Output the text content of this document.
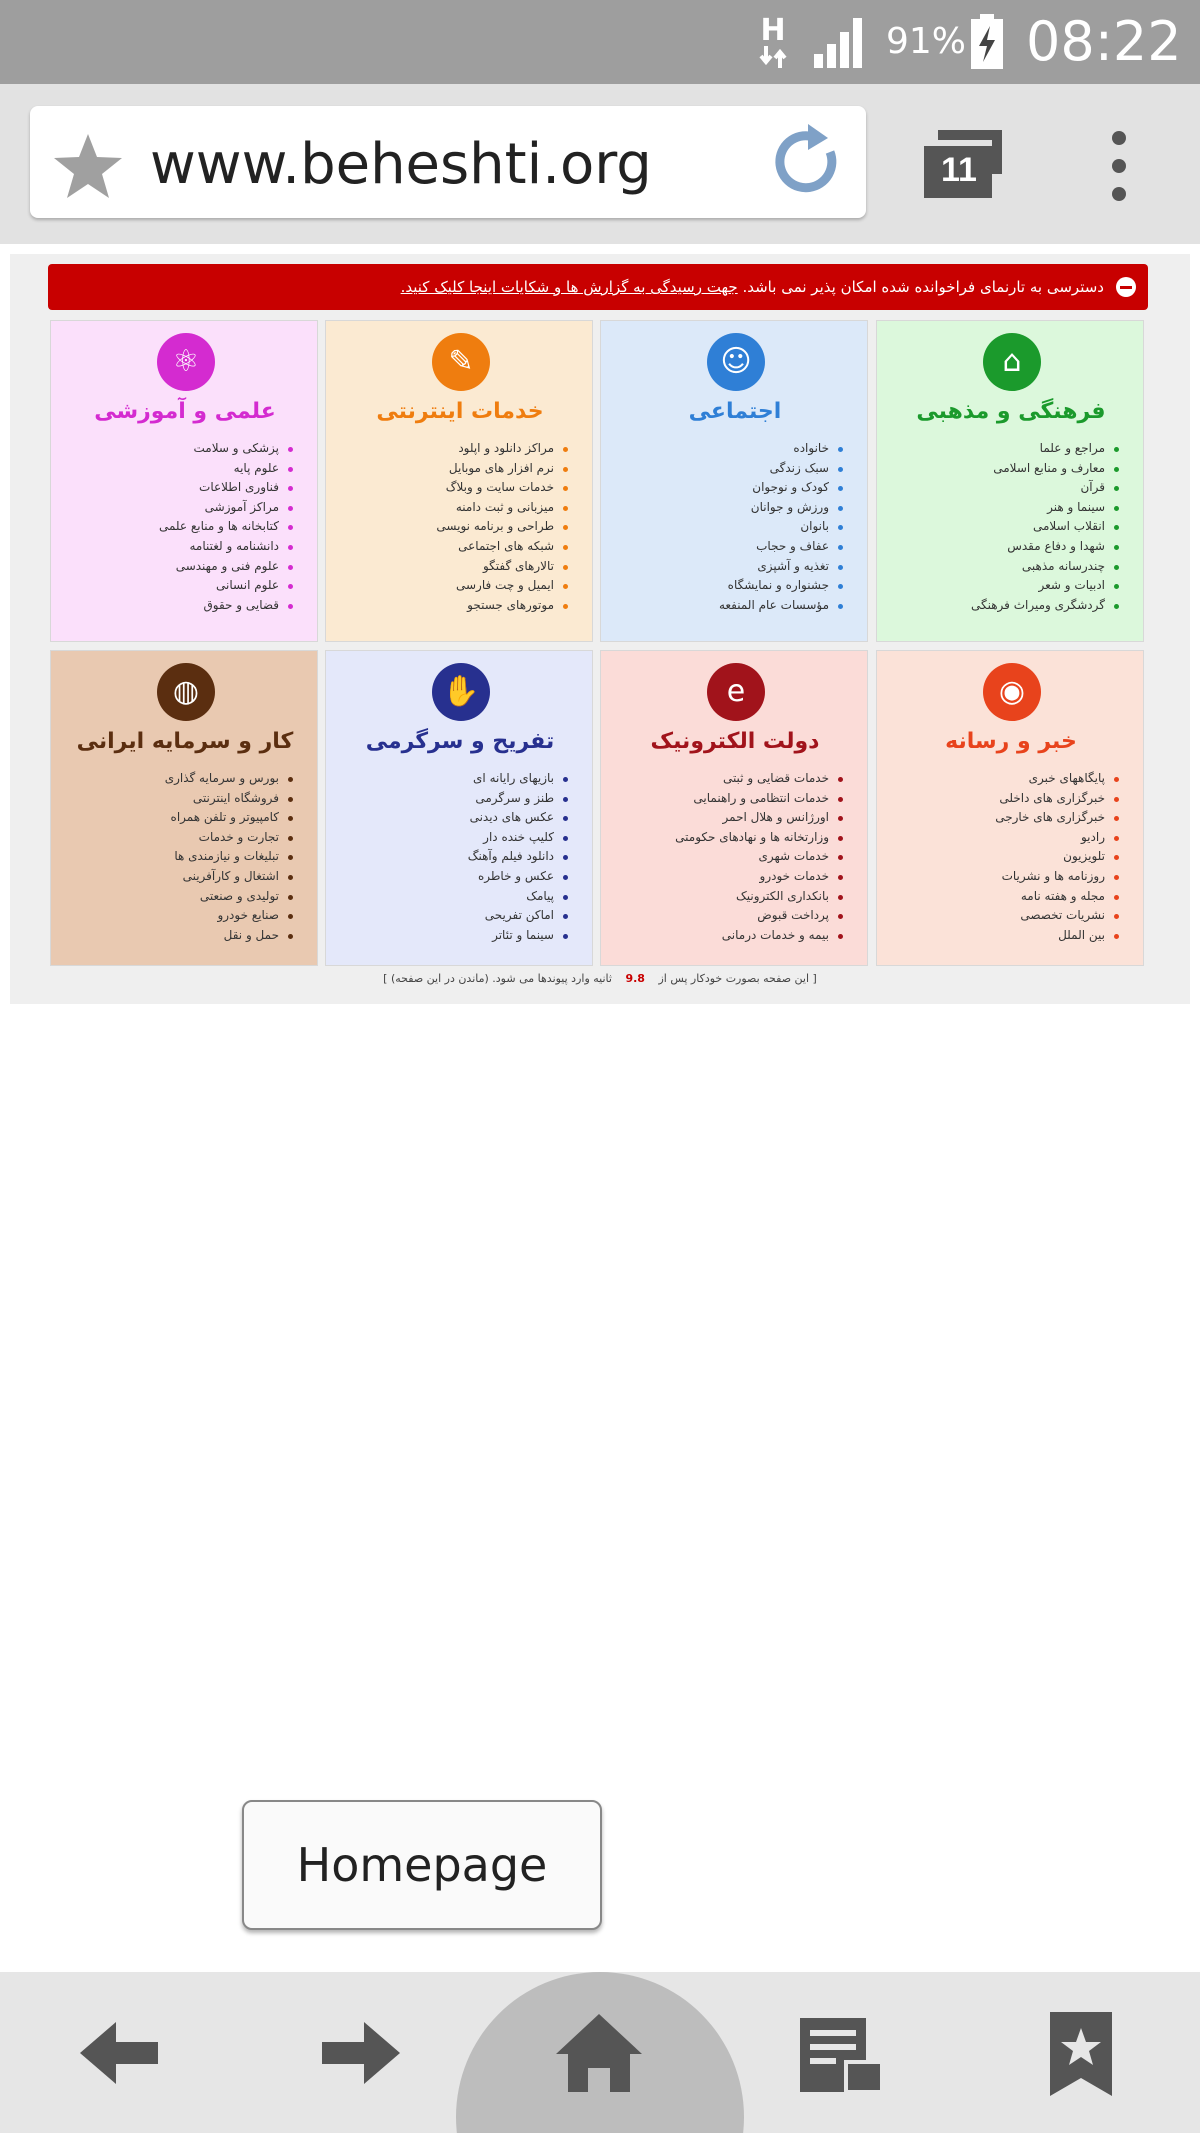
H	91% 08:22
www.beheshti.org	11
دسترسی به تارنمای فراخوانده شده امکان پذیر نمی باشد. جهت رسیدگی به گزارش ها و شکایات اینجا کلیک کنید.
⌂
فرهنگی و مذهبی
مراجع و علما
معارف و منابع اسلامی
قرآن
سینما و هنر
انقلاب اسلامی
شهدا و دفاع مقدس
چندرسانه مذهبی
ادبیات و شعر
گردشگری ومیراث فرهنگی
☺
اجتماعی
خانواده
سبک زندگی
کودک و نوجوان
ورزش و جوانان
بانوان
عفاف و حجاب
تغذیه و آشپزی
جشنواره و نمایشگاه
مؤسسات عام المنفعه
✎
خدمات اینترنتی
مراکز دانلود و اپلود
نرم افزار های موبایل
خدمات سایت و وبلاگ
میزبانی و ثبت دامنه
طراحی و برنامه نویسی
شبکه های اجتماعی
تالارهای گفتگو
ایمیل و چت فارسی
موتورهای جستجو
⚛
علمی و آموزشی
پزشکی و سلامت
علوم پایه
فناوری اطلاعات
مراکز آموزشی
کتابخانه ها و منابع علمی
دانشنامه و لغتنامه
علوم فنی و مهندسی
علوم انسانی
قضایی و حقوق
◉
خبر و رسانه
پایگاههای خبری
خبرگزاری های داخلی
خبرگزاری های خارجی
رادیو
تلویزیون
روزنامه ها و نشریات
مجله و هفته نامه
نشریات تخصصی
بین الملل
e
دولت الکترونیک
خدمات قضایی و ثبتی
خدمات انتظامی و راهنمایی
اورژانس و هلال احمر
وزارتخانه ها و نهادهای حکومتی
خدمات شهری
خدمات خودرو
بانکداری الکترونیک
پرداخت قبوض
بیمه و خدمات درمانی
✋
تفریح و سرگرمی
بازیهای رایانه ای
طنز و سرگرمی
عکس های دیدنی
کلیپ خنده دار
دانلود فیلم وآهنگ
عکس و خاطره
پیامک
اماکن تفریحی
سینما و تئاتر
◍
کار و سرمایه ایرانی
بورس و سرمایه گذاری
فروشگاه اینترنتی
کامپیوتر و تلفن همراه
تجارت و خدمات
تبلیغات و نیازمندی ها
اشتغال و کارآفرینی
تولیدی و صنعتی
صنایع خودرو
حمل و نقل
[ این صفحه بصورت خودکار پس از 9.8 ثانیه وارد پیوندها می شود. (ماندن در این صفحه) ]
Homepage
